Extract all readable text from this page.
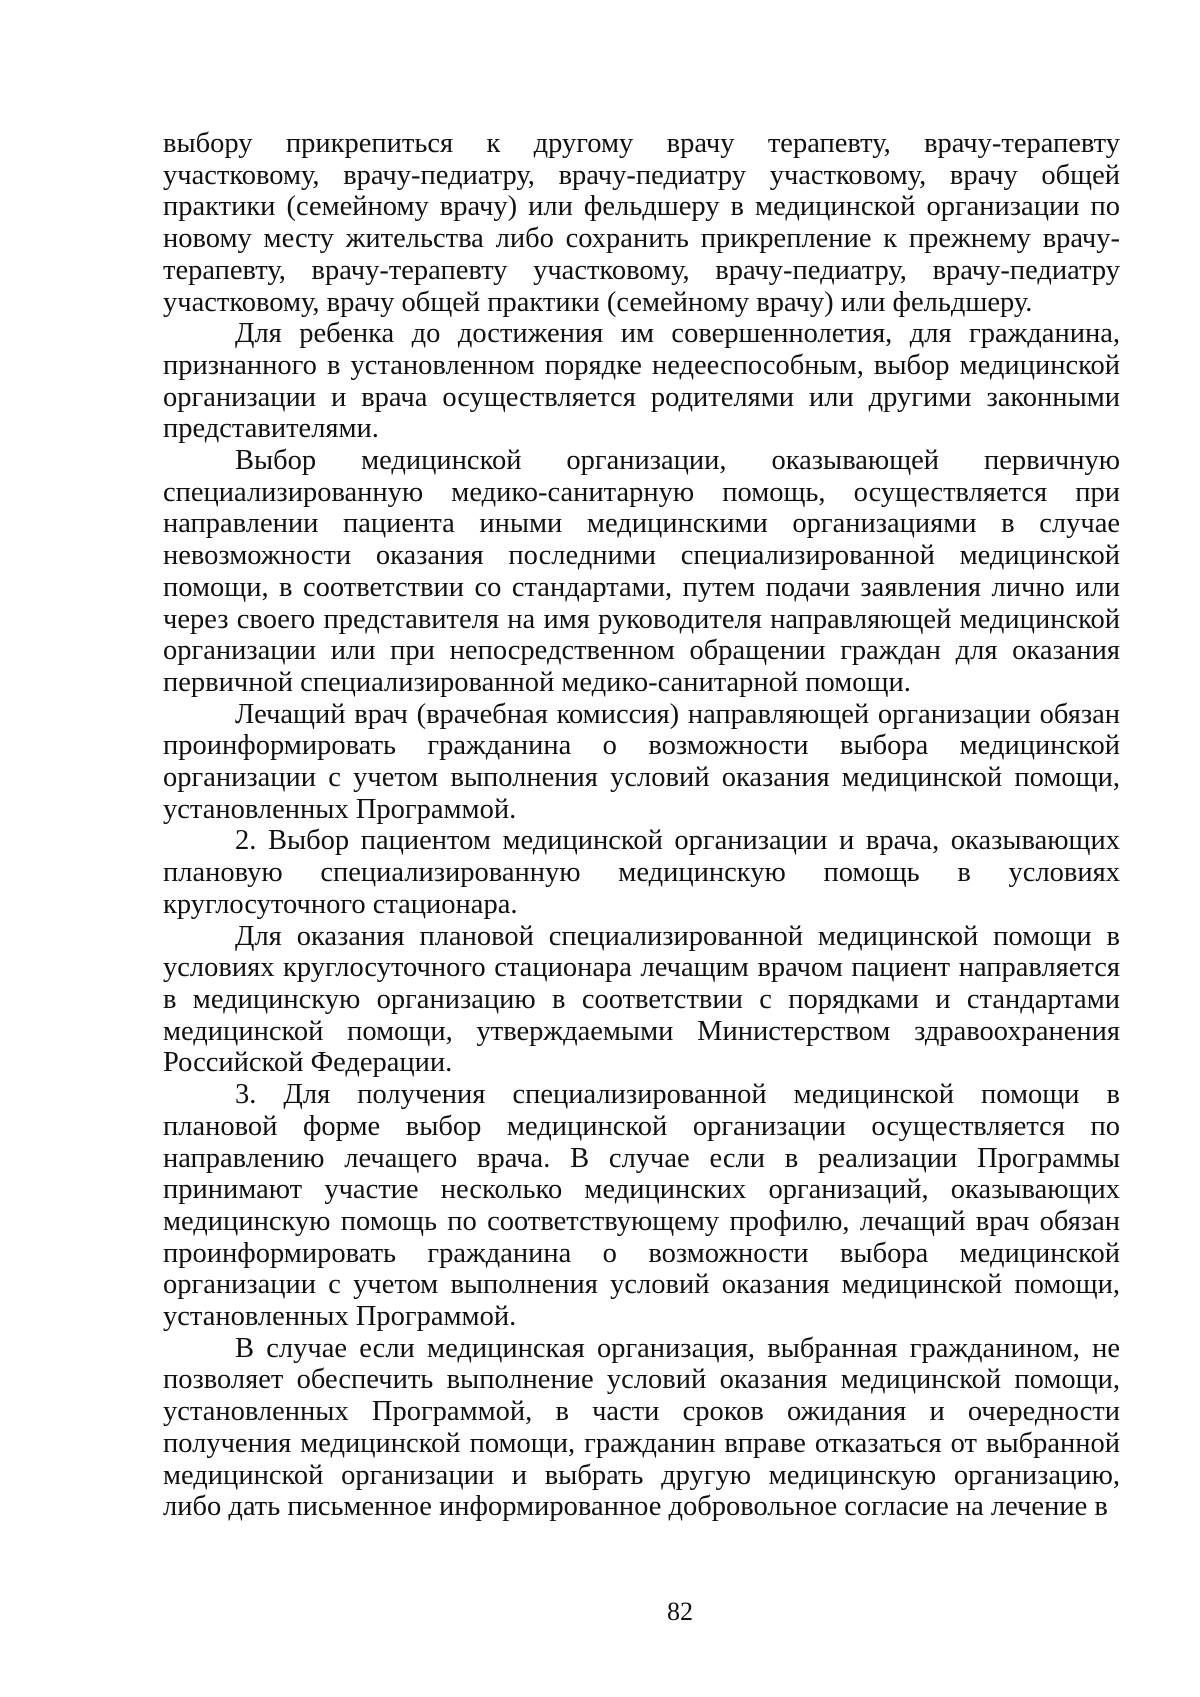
выбору прикрепиться к другому врачу терапевту, врачу-терапевту участковому, врачу-педиатру, врачу-педиатру участковому, врачу общей практики (семейному врачу) или фельдшеру в медицинской организации по новому месту жительства либо сохранить прикрепление к прежнему врачу-терапевту, врачу-терапевту участковому, врачу-педиатру, врачу-педиатру участковому, врачу общей практики (семейному врачу) или фельдшеру.

Для ребенка до достижения им совершеннолетия, для гражданина, признанного в установленном порядке недееспособным, выбор медицинской организации и врача осуществляется родителями или другими законными представителями.

Выбор медицинской организации, оказывающей первичную специализированную медико-санитарную помощь, осуществляется при направлении пациента иными медицинскими организациями в случае невозможности оказания последними специализированной медицинской помощи, в соответствии со стандартами, путем подачи заявления лично или через своего представителя на имя руководителя направляющей медицинской организации или при непосредственном обращении граждан для оказания первичной специализированной медико-санитарной помощи.

Лечащий врач (врачебная комиссия) направляющей организации обязан проинформировать гражданина о возможности выбора медицинской организации с учетом выполнения условий оказания медицинской помощи, установленных Программой.

2. Выбор пациентом медицинской организации и врача, оказывающих плановую специализированную медицинскую помощь в условиях круглосуточного стационара.

Для оказания плановой специализированной медицинской помощи в условиях круглосуточного стационара лечащим врачом пациент направляется в медицинскую организацию в соответствии с порядками и стандартами медицинской помощи, утверждаемыми Министерством здравоохранения Российской Федерации.

3. Для получения специализированной медицинской помощи в плановой форме выбор медицинской организации осуществляется по направлению лечащего врача. В случае если в реализации Программы принимают участие несколько медицинских организаций, оказывающих медицинскую помощь по соответствующему профилю, лечащий врач обязан проинформировать гражданина о возможности выбора медицинской организации с учетом выполнения условий оказания медицинской помощи, установленных Программой.

В случае если медицинская организация, выбранная гражданином, не позволяет обеспечить выполнение условий оказания медицинской помощи, установленных Программой, в части сроков ожидания и очередности получения медицинской помощи, гражданин вправе отказаться от выбранной медицинской организации и выбрать другую медицинскую организацию, либо дать письменное информированное добровольное согласие на лечение в

82
